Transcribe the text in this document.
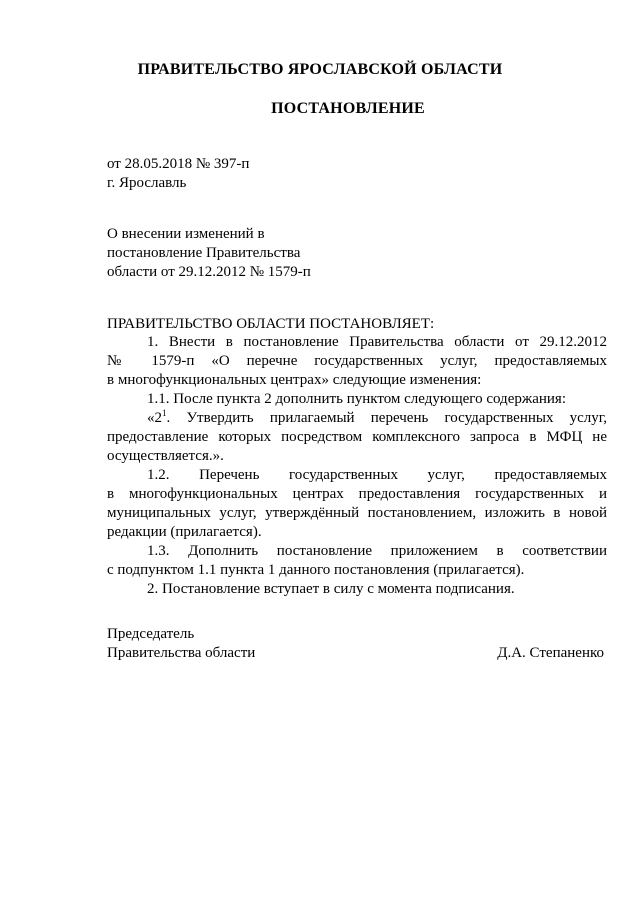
ПРАВИТЕЛЬСТВО ЯРОСЛАВСКОЙ ОБЛАСТИ
ПОСТАНОВЛЕНИЕ
от 28.05.2018 № 397-п
г. Ярославль
О внесении изменений в
постановление Правительства
области от 29.12.2012 № 1579-п
ПРАВИТЕЛЬСТВО ОБЛАСТИ ПОСТАНОВЛЯЕТ:
1. Внести в постановление Правительства области от 29.12.2012
№ 1579-п «О перечне государственных услуг, предоставляемых
в многофункциональных центрах» следующие изменения:
1.1. После пункта 2 дополнить пунктом следующего содержания:
«$2^1$. Утвердить прилагаемый перечень государственных услуг,
предоставление которых посредством комплексного запроса в МФЦ не
осуществляется.».
1.2. Перечень государственных услуг, предоставляемых
в многофункциональных центрах предоставления государственных и
муниципальных услуг, утверждённый постановлением, изложить в новой
редакции (прилагается).
1.3. Дополнить постановление приложением в соответствии
с подпунктом 1.1 пункта 1 данного постановления (прилагается).
2. Постановление вступает в силу с момента подписания.
Председатель
Правительства области	Д.А. Степаненко
